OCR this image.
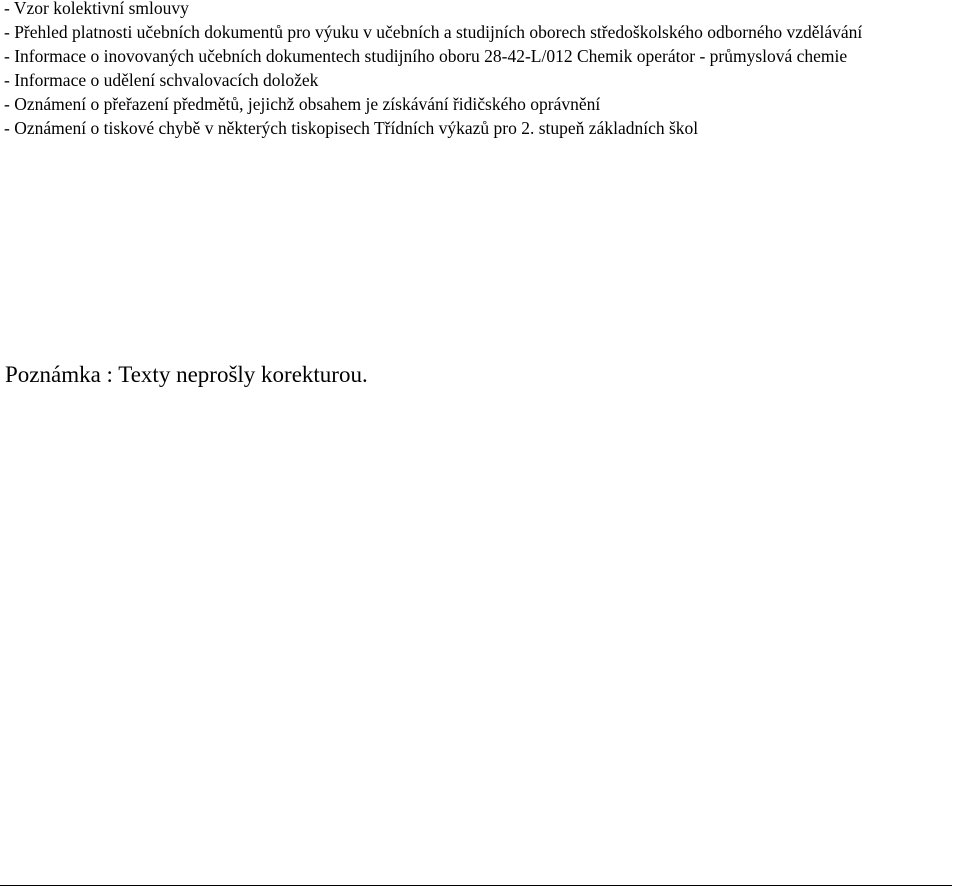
- Vzor kolektivní smlouvy
- Přehled platnosti učebních dokumentů pro výuku v učebních a studijních oborech středoškolského odborného vzdělávání
- Informace o inovovaných učebních dokumentech studijního oboru 28-42-L/012 Chemik operátor - průmyslová chemie
- Informace o udělení schvalovacích doložek
- Oznámení o přeřazení předmětů, jejichž obsahem je získávání řidičského oprávnění
- Oznámení o tiskové chybě v některých tiskopisech Třídních výkazů pro 2. stupeň základních škol

Poznámka : Texty neprošly korekturou.
